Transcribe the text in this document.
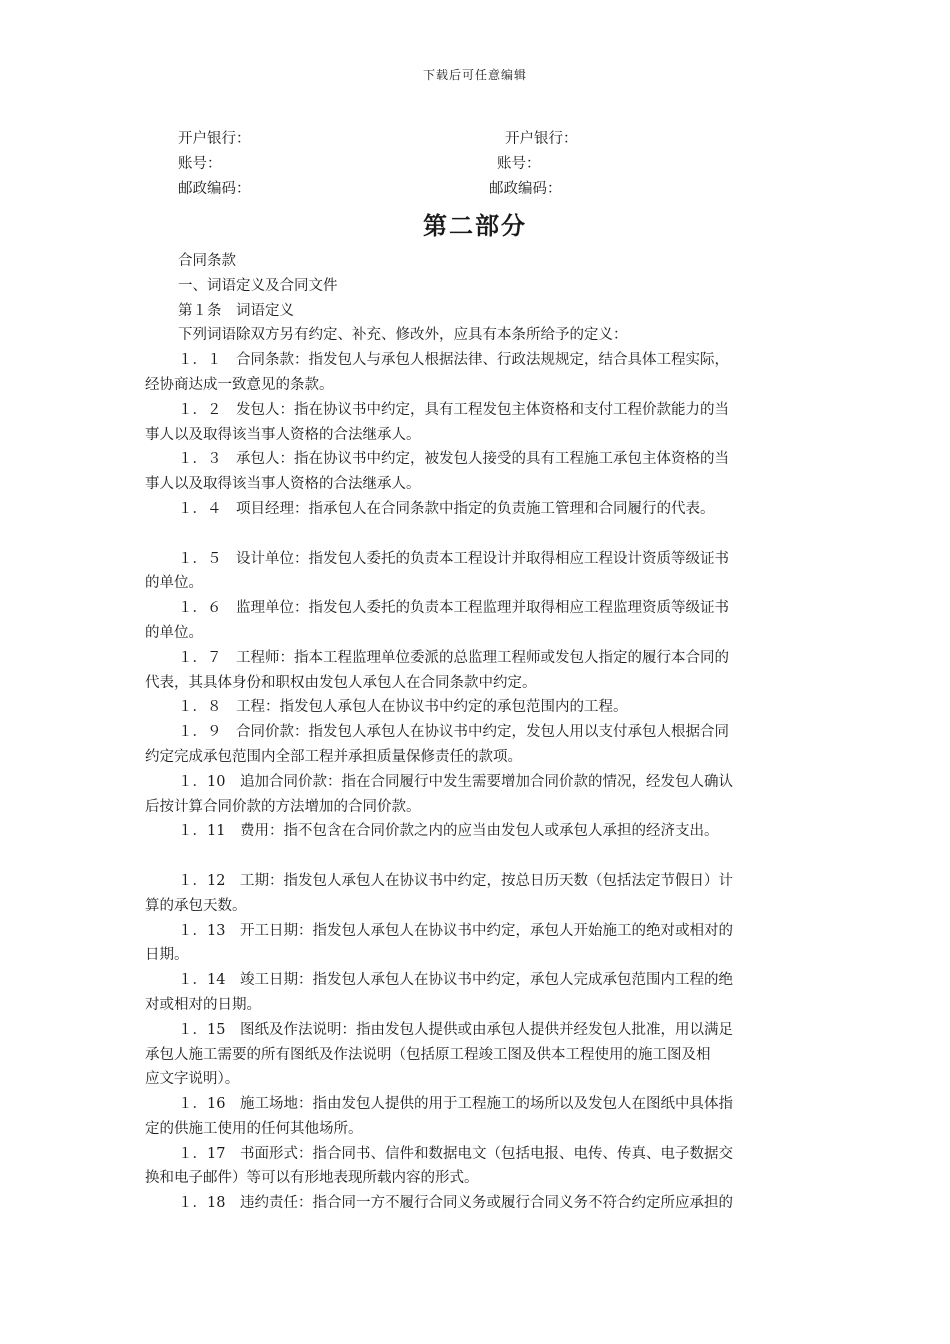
下载后可任意编辑
开户银行：
账号：
邮政编码：
开户银行：
账号：
邮政编码：
第二部分
合同条款
一、词语定义及合同文件
第１条　词语定义
下列词语除双方另有约定、补充、修改外，应具有本条所给予的定义：
１．１　合同条款：指发包人与承包人根据法律、行政法规规定，结合具体工程实际，
经协商达成一致意见的条款。
１．２　发包人：指在协议书中约定，具有工程发包主体资格和支付工程价款能力的当
事人以及取得该当事人资格的合法继承人。
１．３　承包人：指在协议书中约定，被发包人接受的具有工程施工承包主体资格的当
事人以及取得该当事人资格的合法继承人。
１．４　项目经理：指承包人在合同条款中指定的负责施工管理和合同履行的代表。
１．５　设计单位：指发包人委托的负责本工程设计并取得相应工程设计资质等级证书
的单位。
１．６　监理单位：指发包人委托的负责本工程监理并取得相应工程监理资质等级证书
的单位。
１．７　工程师：指本工程监理单位委派的总监理工程师或发包人指定的履行本合同的
代表，其具体身份和职权由发包人承包人在合同条款中约定。
１．８　工程：指发包人承包人在协议书中约定的承包范围内的工程。
１．９　合同价款：指发包人承包人在协议书中约定，发包人用以支付承包人根据合同
约定完成承包范围内全部工程并承担质量保修责任的款项。
１．10　追加合同价款：指在合同履行中发生需要增加合同价款的情况，经发包人确认
后按计算合同价款的方法增加的合同价款。
１．11　费用：指不包含在合同价款之内的应当由发包人或承包人承担的经济支出。
１．12　工期：指发包人承包人在协议书中约定，按总日历天数（包括法定节假日）计
算的承包天数。
１．13　开工日期：指发包人承包人在协议书中约定，承包人开始施工的绝对或相对的
日期。
１．14　竣工日期：指发包人承包人在协议书中约定，承包人完成承包范围内工程的绝
对或相对的日期。
１．15　图纸及作法说明：指由发包人提供或由承包人提供并经发包人批准，用以满足
承包人施工需要的所有图纸及作法说明（包括原工程竣工图及供本工程使用的施工图及相
应文字说明）。
１．16　施工场地：指由发包人提供的用于工程施工的场所以及发包人在图纸中具体指
定的供施工使用的任何其他场所。
１．17　书面形式：指合同书、信件和数据电文（包括电报、电传、传真、电子数据交
换和电子邮件）等可以有形地表现所载内容的形式。
１．18　违约责任：指合同一方不履行合同义务或履行合同义务不符合约定所应承担的
